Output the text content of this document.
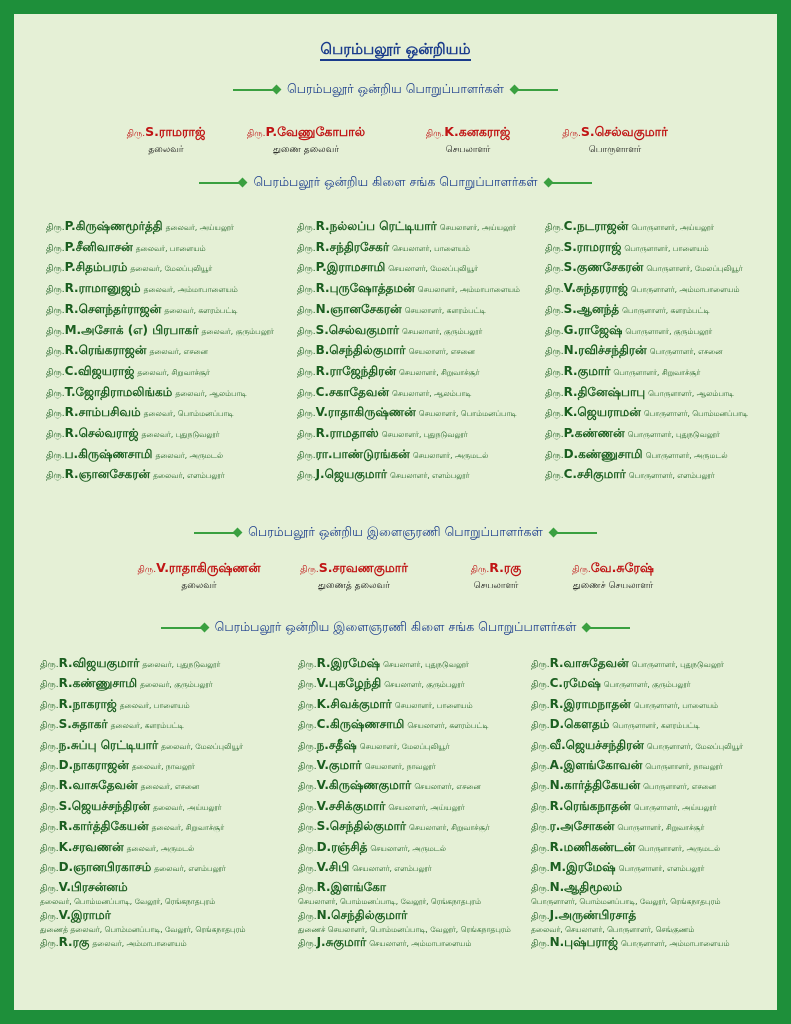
பெரம்பலூர் ஒன்றியம்
பெரம்பலூர் ஒன்றிய பொறுப்பாளர்கள்
திரு.S.ராமராஜ்
தலைவர்
திரு.P.வேணுகோபால்
துணை தலைவர்
திரு.K.கனகராஜ்
செயலாளர்
திரு.S.செல்வகுமார்
பொருளாளர்
பெரம்பலூர் ஒன்றிய கிளை சங்க பொறுப்பாளர்கள்
திரு.P.கிருஷ்ணமூர்த்தி தலைவர், அய்யலூர்
திரு.P.சீனிவாசன் தலைவர், பாளையம்
திரு.P.சிதம்பரம் தலைவர், மேலப்புலியூர்
திரு.R.ராமானுஜம் தலைவர், அம்மாபாளையம்
திரு.R.சௌந்தர்ராஜன் தலைவர், களரம்பட்டி
திரு.M.அசோக் (எ) பிரபாகர் தலைவர், குரும்பலூர்
திரு.R.ரெங்கராஜன் தலைவர், எசனை
திரு.C.விஜயராஜ் தலைவர், சிறுவாச்சூர்
திரு.T.ஜோதிராமலிங்கம் தலைவர், ஆலம்பாடி
திரு.R.சாம்பசிவம் தலைவர், பொம்மனப்பாடி
திரு.R.செல்வராஜ் தலைவர், புதுநடுவலூர்
திரு.ப.கிருஷ்ணசாமி தலைவர், அருமடல்
திரு.R.ஞானசேகரன் தலைவர், எளம்பலூர்
திரு.R.நல்லப்ப ரெட்டியார் செயலாளர், அய்யலூர்
திரு.R.சந்திரசேகர் செயலாளர், பாளையம்
திரு.P.இராமசாமி செயலாளர், மேலப்புலியூர்
திரு.R.புருஷோத்தமன் செயலாளர், அம்மாபாளையம்
திரு.N.ஞானசேகரன் செயலாளர், களரம்பட்டி
திரு.S.செல்வகுமார் செயலாளர், குரும்பலூர்
திரு.B.செந்தில்குமார் செயலாளர், எசனை
திரு.R.ராஜேந்திரன் செயலாளர், சிறுவாச்சூர்
திரு.C.சகாதேவன் செயலாளர், ஆலம்பாடி
திரு.V.ராதாகிருஷ்ணன் செயலாளர், பொம்மனப்பாடி
திரு.R.ராமதாஸ் செயலாளர், புதுநடுவலூர்
திரு.ரா.பாண்டுரங்கன் செயலாளர், அருமடல்
திரு.J.ஜெயகுமார் செயலாளர், எளம்பலூர்
திரு.C.நடராஜன் பொருளாளர், அய்யலூர்
திரு.S.ராமராஜ் பொருளாளர், பாளையம்
திரு.S.குணசேகரன் பொருளாளர், மேலப்புலியூர்
திரு.V.சுந்தரராஜ் பொருளாளர், அம்மாபாளையம்
திரு.S.ஆனந்த் பொருளாளர், களரம்பட்டி
திரு.G.ராஜேஷ் பொருளாளர், குரும்பலூர்
திரு.N.ரவிச்சந்திரன் பொருளாளர், எசனை
திரு.R.குமார் பொருளாளர், சிறுவாச்சூர்
திரு.R.தினேஷ்பாபு பொருளாளர், ஆலம்பாடி
திரு.K.ஜெயராமன் பொருளாளர், பொம்மனப்பாடி
திரு.P.கண்ணன் பொருளாளர், புதுநடுவலூர்
திரு.D.கண்ணுசாமி பொருளாளர், அருமடல்
திரு.C.சசிகுமார் பொருளாளர், எளம்பலூர்
பெரம்பலூர் ஒன்றிய இளைஞரணி பொறுப்பாளர்கள்
திரு.V.ராதாகிருஷ்ணன்
தலைவர்
திரு.S.சரவணகுமார்
துணைத் தலைவர்
திரு.R.ரகு
செயலாளர்
திரு.வே.சுரேஷ்
துணைச் செயலாளர்
பெரம்பலூர் ஒன்றிய இளைஞரணி கிளை சங்க பொறுப்பாளர்கள்
திரு.R.விஜயகுமார் தலைவர், புதுநடுவலூர்
திரு.R.கண்ணுசாமி தலைவர், குரும்பலூர்
திரு.R.நாகராஜ் தலைவர், பாளையம்
திரு.S.சுதாகர் தலைவர், களரம்பட்டி
திரு.ந.சுப்பு ரெட்டியார் தலைவர், மேலப்புலியூர்
திரு.D.நாகராஜன் தலைவர், நாவலூர்
திரு.R.வாசுதேவன் தலைவர், எசனை
திரு.S.ஜெயச்சந்திரன் தலைவர், அய்யலூர்
திரு.R.கார்த்திகேயன் தலைவர், சிறுவாச்சூர்
திரு.K.சரவணன் தலைவர், அருமடல்
திரு.D.ஞானபிரகாசம் தலைவர், எளம்பலூர்
திரு.V.பிரசன்னம்
தலைவர், பொம்மனப்பாடி, வேலூர், ரெங்கநாதபுரம்
திரு.V.இராமர்
துணைத் தலைவர், பொம்மனப்பாடி, வேலூர், ரெங்கநாதபுரம்
திரு.R.ரகு தலைவர், அம்மாபாளையம்
திரு.R.இரமேஷ் செயலாளர், புதுநடுவலூர்
திரு.V.புகழேந்தி செயலாளர், குரும்பலூர்
திரு.K.சிவக்குமார் செயலாளர், பாளையம்
திரு.C.கிருஷ்ணசாமி செயலாளர், களரம்பட்டி
திரு.ந.சதீஷ் செயலாளர், மேலப்புலியூர்
திரு.V.குமார் செயலாளர், நாவலூர்
திரு.V.கிருஷ்ணகுமார் செயலாளர், எசனை
திரு.V.சசிக்குமார் செயலாளர், அய்யலூர்
திரு.S.செந்தில்குமார் செயலாளர், சிறுவாச்சூர்
திரு.D.ரஞ்சித் செயலாளர், அருமடல்
திரு.V.சிபி செயலாளர், எளம்பலூர்
திரு.R.இளங்கோ
செயலாளர், பொம்மனப்பாடி, வேலூர், ரெங்கநாதபுரம்
திரு.N.செந்தில்குமார்
துணைச் செயலாளர், பொம்மனப்பாடி, வேலூர், ரெங்கநாதபுரம்
திரு.J.சுகுமார் செயலாளர், அம்மாபாளையம்
திரு.R.வாசுதேவன் பொருளாளர், புதுநடுவலூர்
திரு.C.ரமேஷ் பொருளாளர், குரும்பலூர்
திரு.R.இராமநாதன் பொருளாளர், பாளையம்
திரு.D.கௌதம் பொருளாளர், களரம்பட்டி
திரு.வீ.ஜெயச்சந்திரன் பொருளாளர், மேலப்புலியூர்
திரு.A.இளங்கோவன் பொருளாளர், நாவலூர்
திரு.N.கார்த்திகேயன் பொருளாளர், எசனை
திரு.R.ரெங்கநாதன் பொருளாளர், அய்யலூர்
திரு.ர.அசோகன் பொருளாளர், சிறுவாச்சூர்
திரு.R.மணிகண்டன் பொருளாளர், அருமடல்
திரு.M.இரமேஷ் பொருளாளர், எளம்பலூர்
திரு.N.ஆதிமூலம்
பொருளாளர், பொம்மனப்பாடி, வேலூர், ரெங்கநாதபுரம்
திரு.J.அருண்பிரசாத்
தலைவர், செயலாளர், பொருளாளர், செங்குணம்
திரு.N.புஷ்பராஜ் பொருளாளர், அம்மாபாளையம்
